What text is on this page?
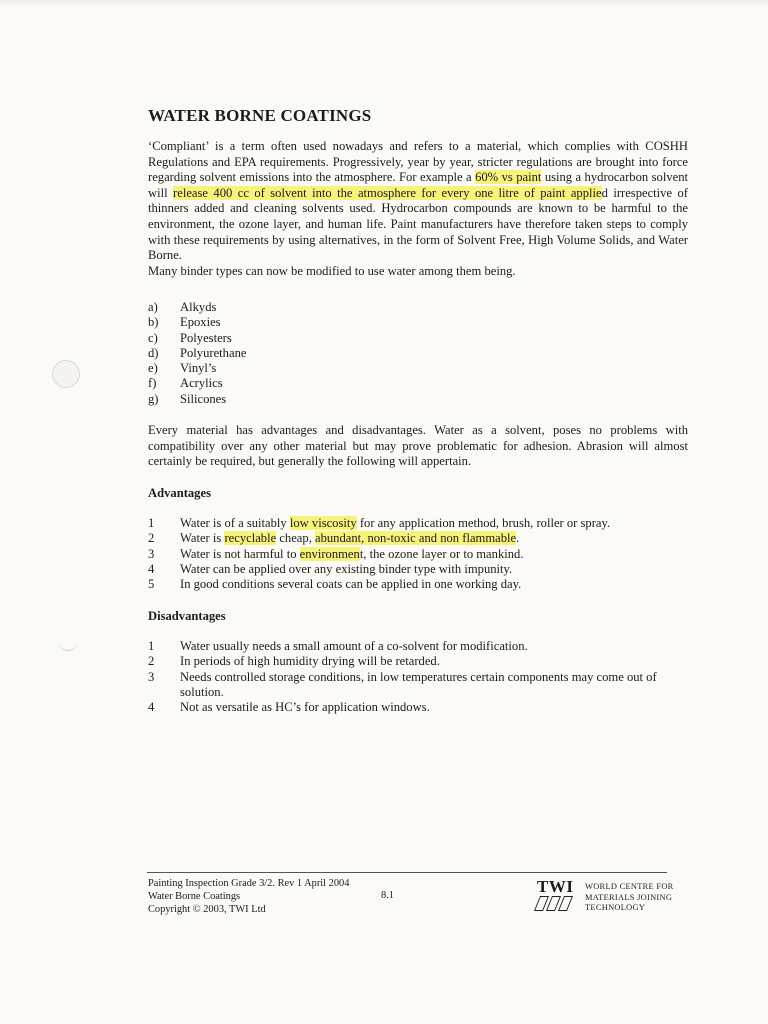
WATER BORNE COATINGS
‘Compliant’ is a term often used nowadays and refers to a material, which complies with COSHH Regulations and EPA requirements. Progressively, year by year, stricter regulations are brought into force regarding solvent emissions into the atmosphere. For example a 60% vs paint using a hydrocarbon solvent will release 400 cc of solvent into the atmosphere for every one litre of paint applied irrespective of thinners added and cleaning solvents used. Hydrocarbon compounds are known to be harmful to the environment, the ozone layer, and human life. Paint manufacturers have therefore taken steps to comply with these requirements by using alternatives, in the form of Solvent Free, High Volume Solids, and Water Borne.
Many binder types can now be modified to use water among them being.
a)	Alkyds
b)	Epoxies
c)	Polyesters
d)	Polyurethane
e)	Vinyl’s
f)	Acrylics
g)	Silicones
Every material has advantages and disadvantages. Water as a solvent, poses no problems with compatibility over any other material but may prove problematic for adhesion. Abrasion will almost certainly be required, but generally the following will appertain.
Advantages
1	Water is of a suitably low viscosity for any application method, brush, roller or spray.
2	Water is recyclable cheap, abundant, non-toxic and non flammable.
3	Water is not harmful to environment, the ozone layer or to mankind.
4	Water can be applied over any existing binder type with impunity.
5	In good conditions several coats can be applied in one working day.
Disadvantages
1	Water usually needs a small amount of a co-solvent for modification.
2	In periods of high humidity drying will be retarded.
3	Needs controlled storage conditions, in low temperatures certain components may come out of solution.
4	Not as versatile as HC’s for application windows.
Painting Inspection Grade 3/2. Rev 1 April 2004
Water Borne Coatings
Copyright © 2003, TWI Ltd
8.1	TWI	WORLD CENTRE FOR
MATERIALS JOINING
TECHNOLOGY
